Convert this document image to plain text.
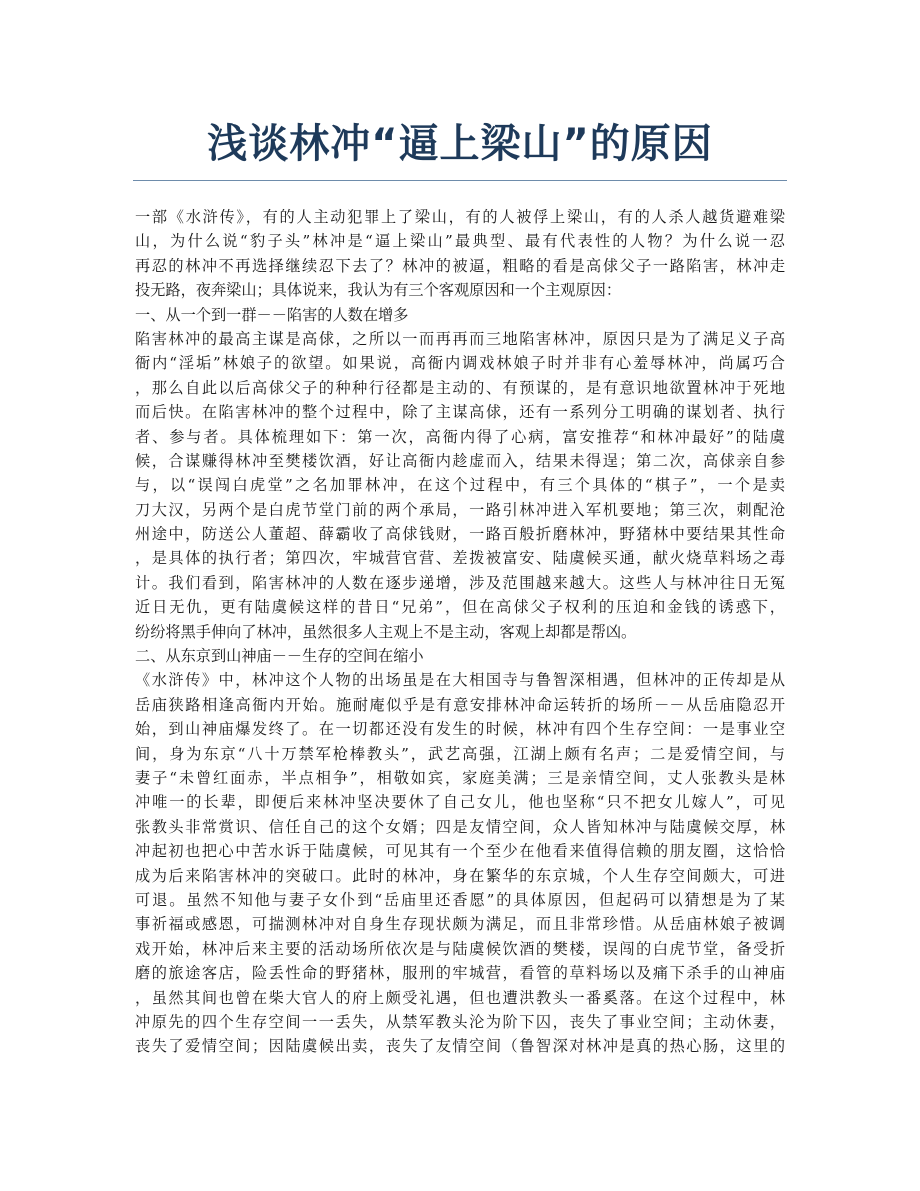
浅谈林冲“逼上梁山”的原因
一部《水浒传》，有的人主动犯罪上了梁山，有的人被俘上梁山，有的人杀人越货避难梁
山，为什么说“豹子头”林冲是“逼上梁山”最典型、最有代表性的人物？为什么说一忍
再忍的林冲不再选择继续忍下去了？林冲的被逼，粗略的看是高俅父子一路陷害，林冲走
投无路，夜奔梁山；具体说来，我认为有三个客观原因和一个主观原因：
一、从一个到一群－－陷害的人数在增多
陷害林冲的最高主谋是高俅，之所以一而再再而三地陷害林冲，原因只是为了满足义子高
衙内“淫垢”林娘子的欲望。如果说，高衙内调戏林娘子时并非有心羞辱林冲，尚属巧合
，那么自此以后高俅父子的种种行径都是主动的、有预谋的，是有意识地欲置林冲于死地
而后快。在陷害林冲的整个过程中，除了主谋高俅，还有一系列分工明确的谋划者、执行
者、参与者。具体梳理如下：第一次，高衙内得了心病，富安推荐“和林冲最好”的陆虞
候，合谋赚得林冲至樊楼饮酒，好让高衙内趁虚而入，结果未得逞；第二次，高俅亲自参
与，以“误闯白虎堂”之名加罪林冲，在这个过程中，有三个具体的“棋子”，一个是卖
刀大汉，另两个是白虎节堂门前的两个承局，一路引林冲进入军机要地；第三次，刺配沧
州途中，防送公人董超、薛霸收了高俅钱财，一路百般折磨林冲，野猪林中要结果其性命
，是具体的执行者；第四次，牢城营官营、差拨被富安、陆虞候买通，献火烧草料场之毒
计。我们看到，陷害林冲的人数在逐步递增，涉及范围越来越大。这些人与林冲往日无冤
近日无仇，更有陆虞候这样的昔日“兄弟”，但在高俅父子权利的压迫和金钱的诱惑下，
纷纷将黑手伸向了林冲，虽然很多人主观上不是主动，客观上却都是帮凶。
二、从东京到山神庙－－生存的空间在缩小
《水浒传》中，林冲这个人物的出场虽是在大相国寺与鲁智深相遇，但林冲的正传却是从
岳庙狭路相逢高衙内开始。施耐庵似乎是有意安排林冲命运转折的场所－－从岳庙隐忍开
始，到山神庙爆发终了。在一切都还没有发生的时候，林冲有四个生存空间：一是事业空
间，身为东京“八十万禁军枪棒教头”，武艺高强，江湖上颇有名声；二是爱情空间，与
妻子“未曾红面赤，半点相争”，相敬如宾，家庭美满；三是亲情空间，丈人张教头是林
冲唯一的长辈，即便后来林冲坚决要休了自己女儿，他也坚称“只不把女儿嫁人”，可见
张教头非常赏识、信任自己的这个女婿；四是友情空间，众人皆知林冲与陆虞候交厚，林
冲起初也把心中苦水诉于陆虞候，可见其有一个至少在他看来值得信赖的朋友圈，这恰恰
成为后来陷害林冲的突破口。此时的林冲，身在繁华的东京城，个人生存空间颇大，可进
可退。虽然不知他与妻子女仆到“岳庙里还香愿”的具体原因，但起码可以猜想是为了某
事祈福或感恩，可揣测林冲对自身生存现状颇为满足，而且非常珍惜。从岳庙林娘子被调
戏开始，林冲后来主要的活动场所依次是与陆虞候饮酒的樊楼，误闯的白虎节堂，备受折
磨的旅途客店，险丢性命的野猪林，服刑的牢城营，看管的草料场以及痛下杀手的山神庙
，虽然其间也曾在柴大官人的府上颇受礼遇，但也遭洪教头一番奚落。在这个过程中，林
冲原先的四个生存空间一一丢失，从禁军教头沦为阶下囚，丧失了事业空间；主动休妻，
丧失了爱情空间；因陆虞候出卖，丧失了友情空间（鲁智深对林冲是真的热心肠，这里的
